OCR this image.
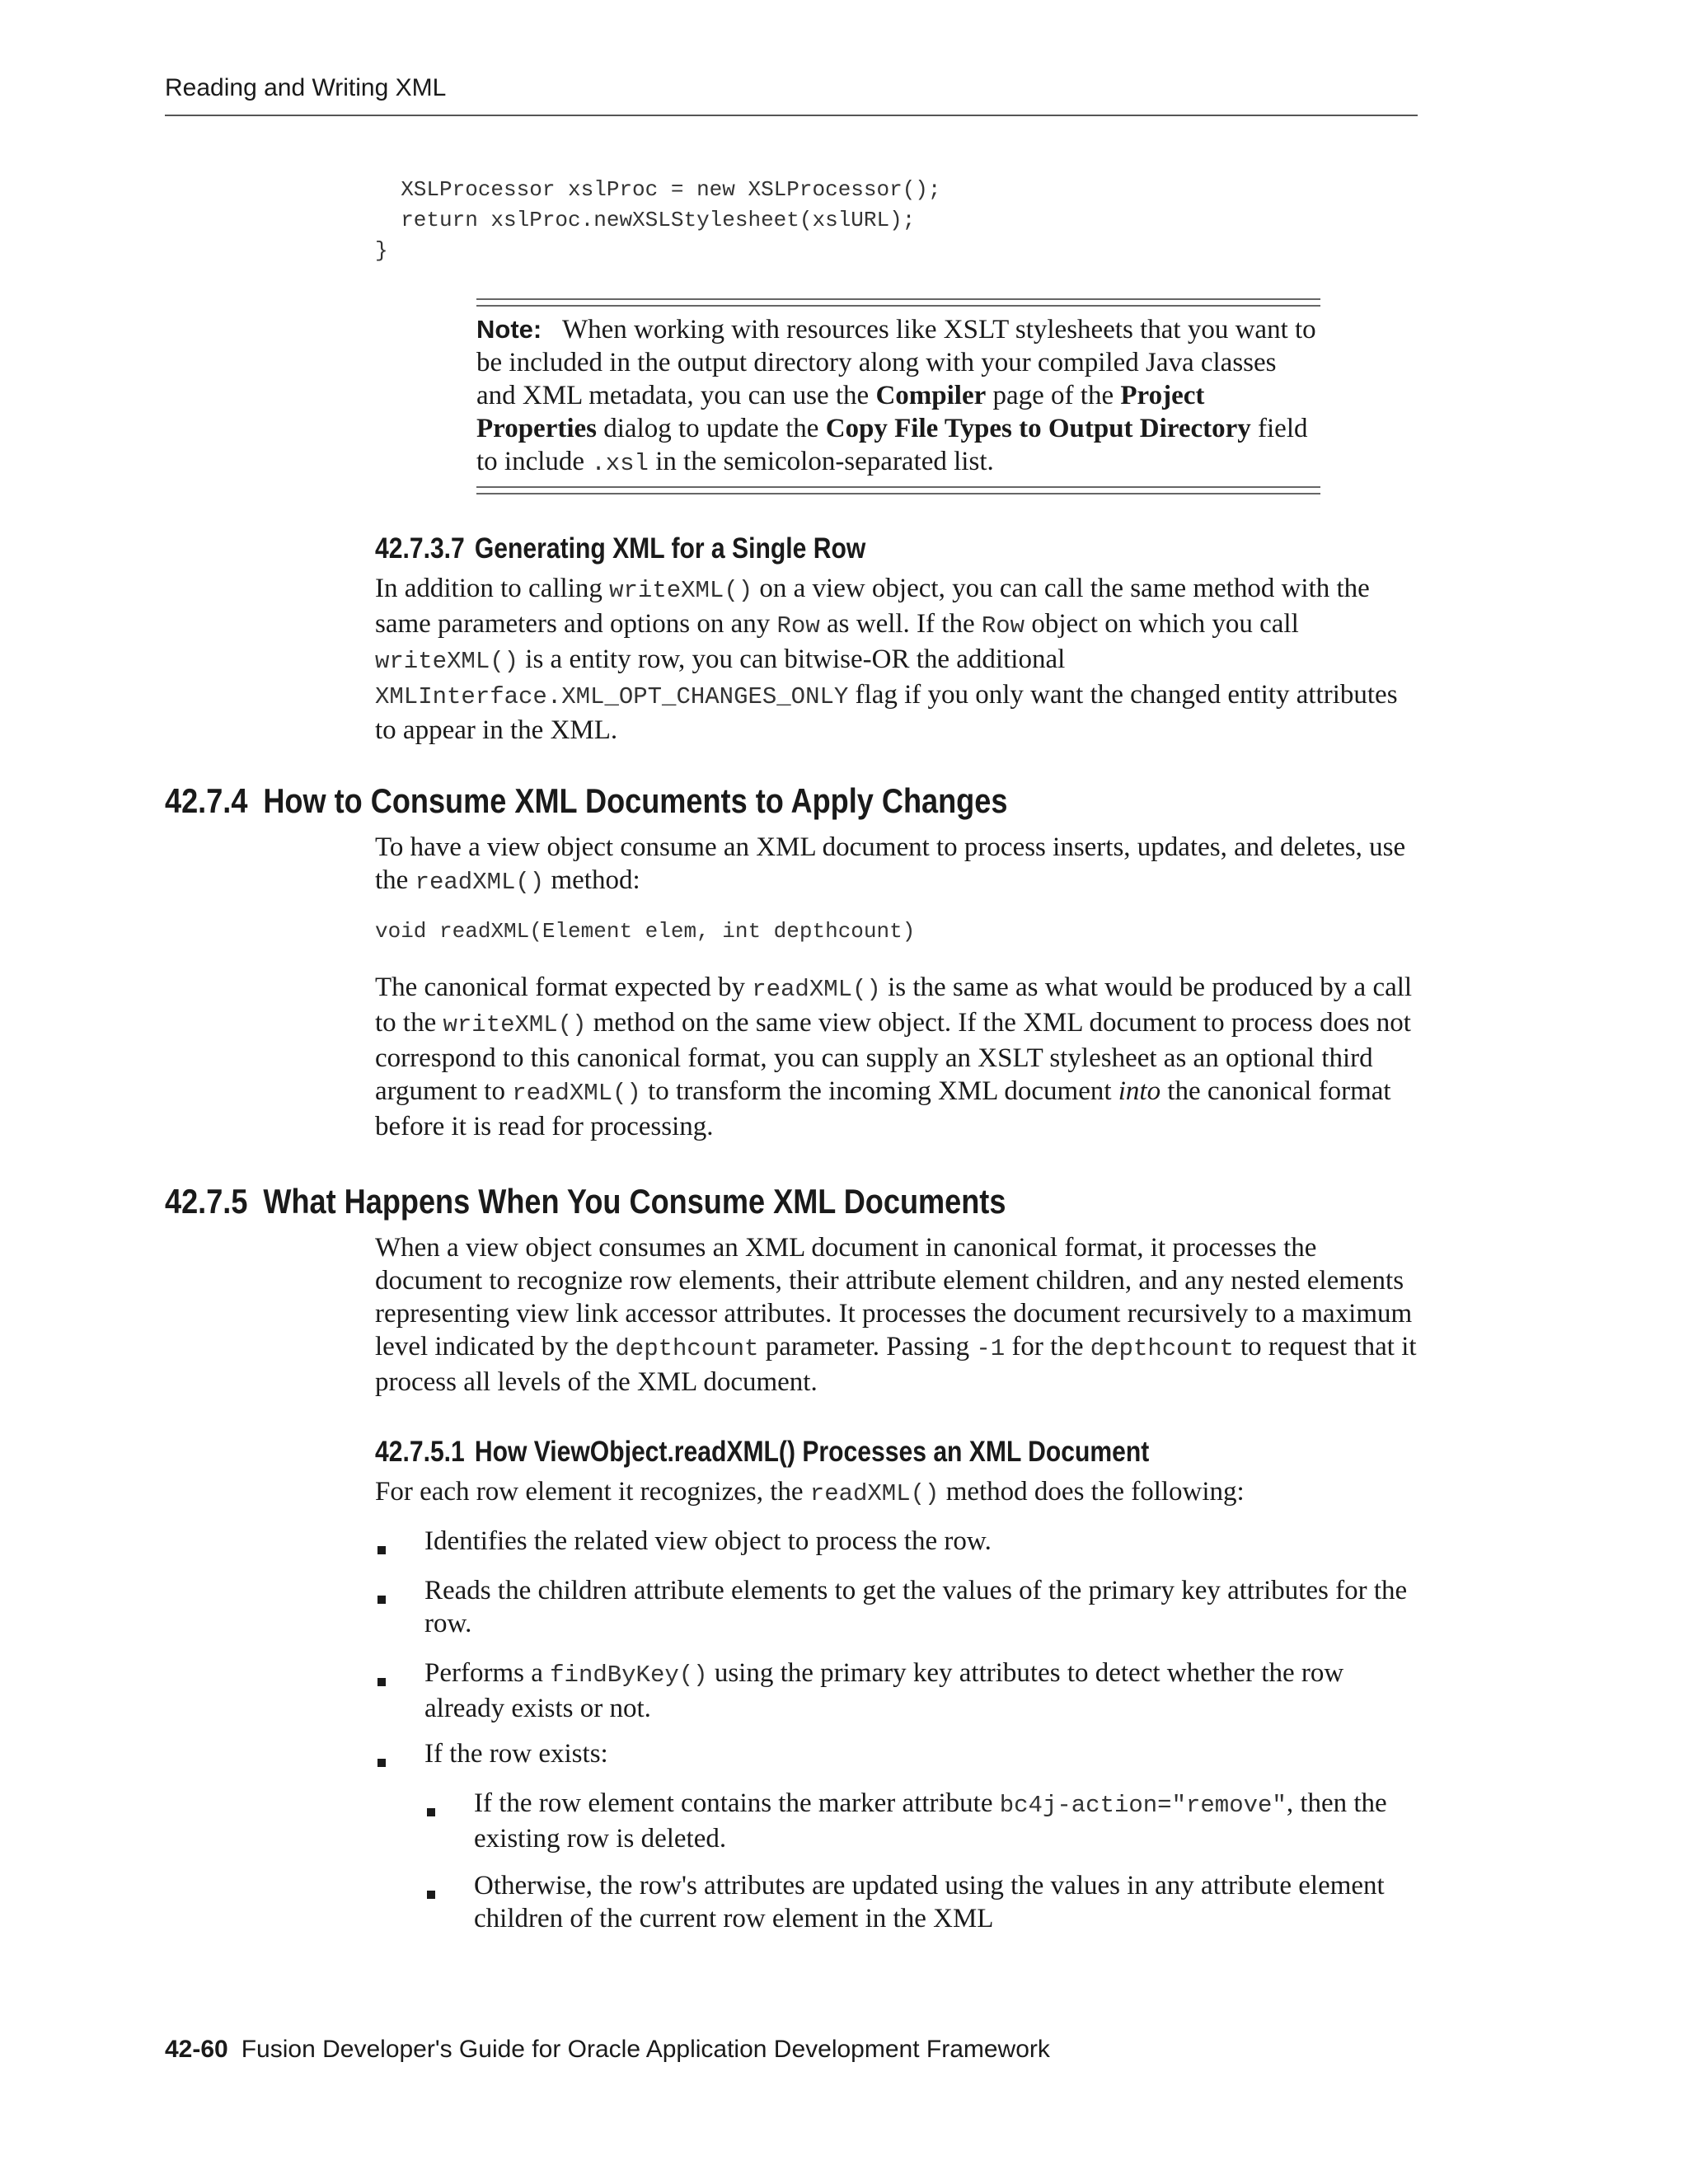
Reading and Writing XML
XSLProcessor xslProc = new XSLProcessor();
return xslProc.newXSLStylesheet(xslURL);
}
Note: When working with resources like XSLT stylesheets that you want to be included in the output directory along with your compiled Java classes and XML metadata, you can use the Compiler page of the Project Properties dialog to update the Copy File Types to Output Directory field to include .xsl in the semicolon-separated list.
42.7.3.7 Generating XML for a Single Row
In addition to calling writeXML() on a view object, you can call the same method with the same parameters and options on any Row as well. If the Row object on which you call writeXML() is a entity row, you can bitwise-OR the additional XMLInterface.XML_OPT_CHANGES_ONLY flag if you only want the changed entity attributes to appear in the XML.
42.7.4 How to Consume XML Documents to Apply Changes
To have a view object consume an XML document to process inserts, updates, and deletes, use the readXML() method:
void readXML(Element elem, int depthcount)
The canonical format expected by readXML() is the same as what would be produced by a call to the writeXML() method on the same view object. If the XML document to process does not correspond to this canonical format, you can supply an XSLT stylesheet as an optional third argument to readXML() to transform the incoming XML document into the canonical format before it is read for processing.
42.7.5 What Happens When You Consume XML Documents
When a view object consumes an XML document in canonical format, it processes the document to recognize row elements, their attribute element children, and any nested elements representing view link accessor attributes. It processes the document recursively to a maximum level indicated by the depthcount parameter. Passing -1 for the depthcount to request that it process all levels of the XML document.
42.7.5.1 How ViewObject.readXML() Processes an XML Document
For each row element it recognizes, the readXML() method does the following:
Identifies the related view object to process the row.
Reads the children attribute elements to get the values of the primary key attributes for the row.
Performs a findByKey() using the primary key attributes to detect whether the row already exists or not.
If the row exists:
If the row element contains the marker attribute bc4j-action="remove", then the existing row is deleted.
Otherwise, the row's attributes are updated using the values in any attribute element children of the current row element in the XML
42-60 Fusion Developer's Guide for Oracle Application Development Framework
